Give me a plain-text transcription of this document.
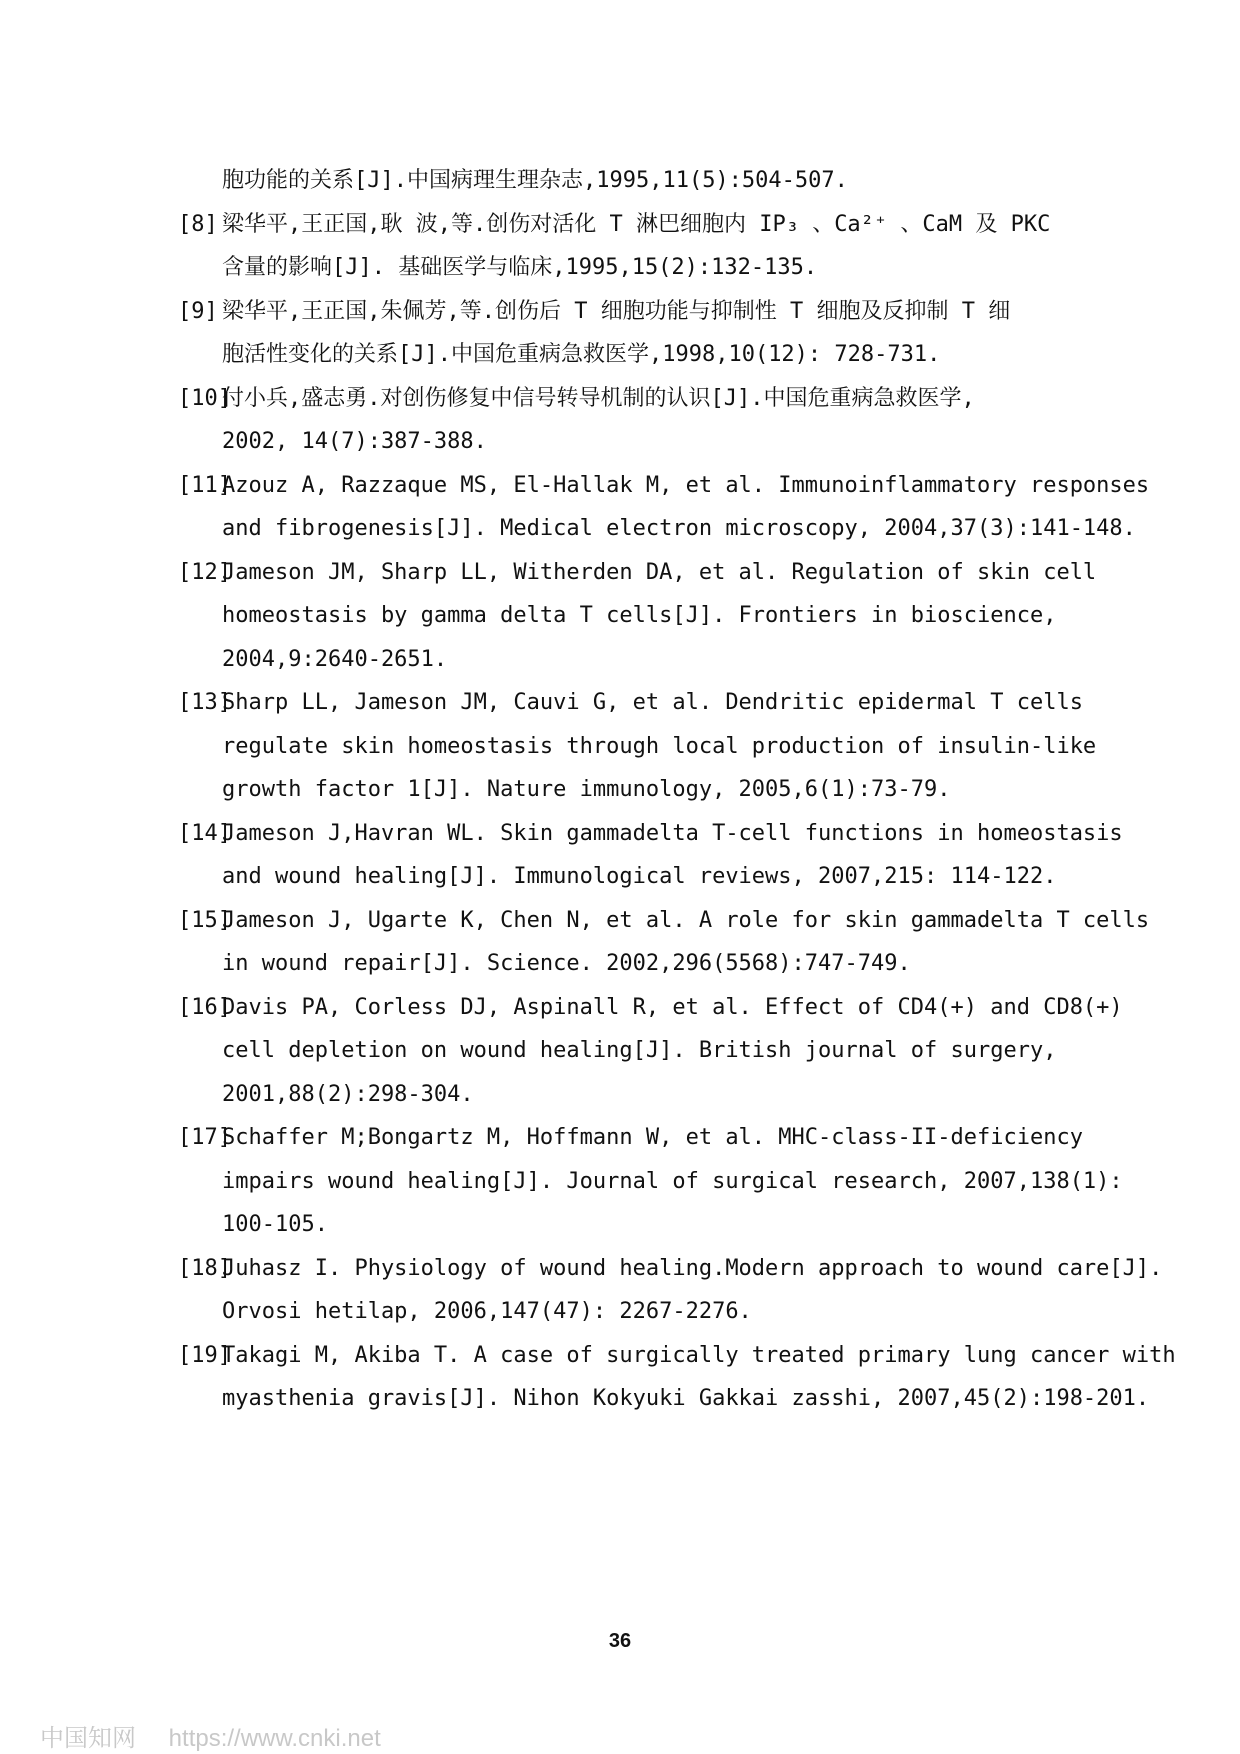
胞功能的关系[J].中国病理生理杂志,1995,11(5):504-507.
[8] 梁华平,王正国,耿 波,等.创伤对活化 T 淋巴细胞内 IP₃ 、Ca²⁺ 、CaM 及 PKC
含量的影响[J]. 基础医学与临床,1995,15(2):132-135.
[9] 梁华平,王正国,朱佩芳,等.创伤后 T 细胞功能与抑制性 T 细胞及反抑制 T 细
胞活性变化的关系[J].中国危重病急救医学,1998,10(12): 728-731.
[10]
付小兵,盛志勇.对创伤修复中信号转导机制的认识[J].中国危重病急救医学,
2002, 14(7):387-388.
[11]
Azouz A, Razzaque MS, El-Hallak M, et al. Immunoinflammatory responses
and fibrogenesis[J]. Medical electron microscopy, 2004,37(3):141-148.
[12]
Jameson JM, Sharp LL, Witherden DA, et al. Regulation of skin cell
homeostasis by gamma delta T cells[J]. Frontiers in bioscience,
2004,9:2640-2651.
[13]
Sharp LL, Jameson JM, Cauvi G, et al. Dendritic epidermal T cells
regulate skin homeostasis through local production of insulin-like
growth factor 1[J]. Nature immunology, 2005,6(1):73-79.
[14]
Jameson J,Havran WL. Skin gammadelta T-cell functions in homeostasis
and wound healing[J]. Immunological reviews, 2007,215: 114-122.
[15]
Jameson J, Ugarte K, Chen N, et al. A role for skin gammadelta T cells
in wound repair[J]. Science. 2002,296(5568):747-749.
[16]
Davis PA, Corless DJ, Aspinall R, et al. Effect of CD4(+) and CD8(+)
cell depletion on wound healing[J]. British journal of surgery,
2001,88(2):298-304.
[17]
Schaffer M;Bongartz M, Hoffmann W, et al. MHC-class-II-deficiency
impairs wound healing[J]. Journal of surgical research, 2007,138(1):
100-105.
[18]
Juhasz I. Physiology of wound healing.Modern approach to wound care[J].
Orvosi hetilap, 2006,147(47): 2267-2276.
[19]
Takagi M, Akiba T. A case of surgically treated primary lung cancer with
myasthenia gravis[J]. Nihon Kokyuki Gakkai zasshi, 2007,45(2):198-201.
36
中国知网 https://www.cnki.net
